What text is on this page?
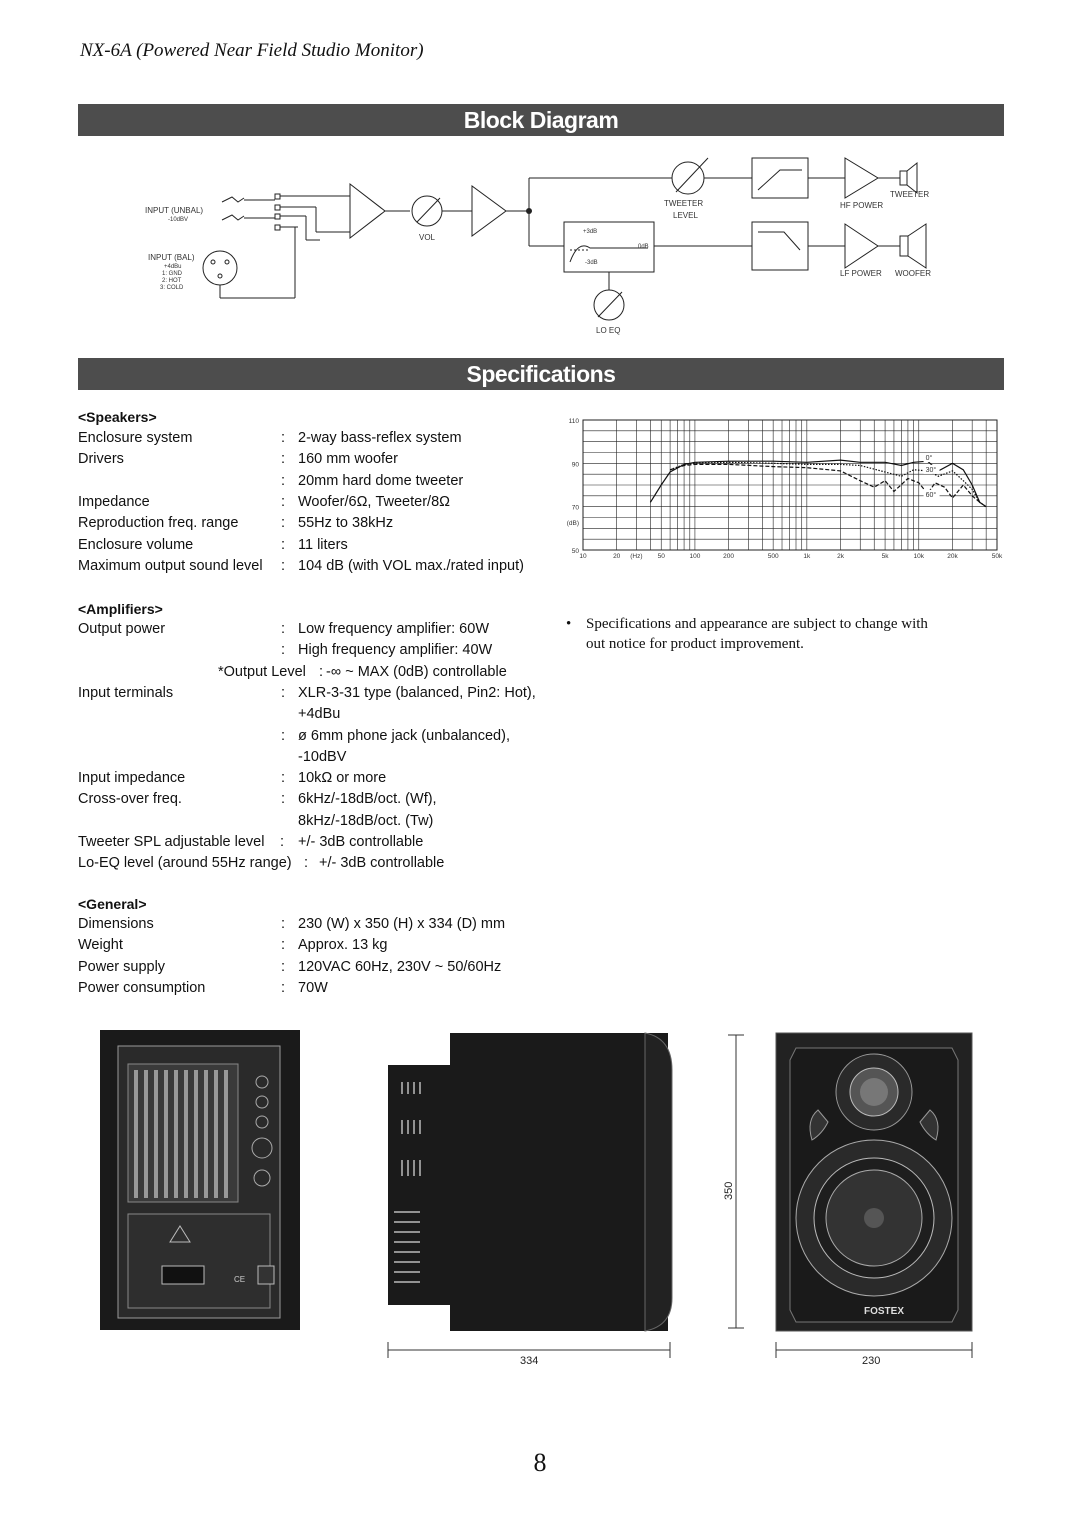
NX-6A (Powered Near Field Studio Monitor)
Block Diagram
INPUT (UNBAL)
-10dBV
INPUT (BAL)
+4dBu
1: GND
2: HOT
3: COLD
VOL
TWEETER
LEVEL
+3dB
0dB
-3dB
LO EQ
HF POWER
TWEETER
LF POWER WOOFER
Specifications
<Speakers>
Enclosure system	: 2-way bass-reflex system
Drivers	: 160 mm woofer
: 20mm hard dome tweeter
Impedance	: Woofer/6Ω, Tweeter/8Ω
Reproduction freq. range	: 55Hz to 38kHz
Enclosure volume	: 11 liters
Maximum output sound level : 104 dB (with VOL max./rated input)
<Amplifiers>
Output power	: Low frequency amplifier: 60W
: High frequency amplifier: 40W
*Output Level : -∞ ~ MAX (0dB) controllable
Input terminals	: XLR-3-31 type (balanced, Pin2: Hot),
+4dBu
: ø 6mm phone jack (unbalanced),
-10dBV
Input impedance	: 10kΩ or more
Cross-over freq.	: 6kHz/-18dB/oct. (Wf),
8kHz/-18dB/oct. (Tw)
Tweeter SPL adjustable level : +/- 3dB controllable
Lo-EQ level (around 55Hz range) : +/- 3dB controllable
<General>
Dimensions	: 230 (W) x 350 (H) x 334 (D) mm
Weight	: Approx. 13 kg
Power supply	: 120VAC 60Hz, 230V ~ 50/60Hz
Power consumption	: 70W
110
90
70
50
(dB)
10	20 (Hz) 50	100	200	500	1k	2k	5k	10k	20k	50k
0°
30°
60°
• Specifications and appearance are subject to change with
out notice for product improvement.
CE
334
FOSTEX
350
230
8
